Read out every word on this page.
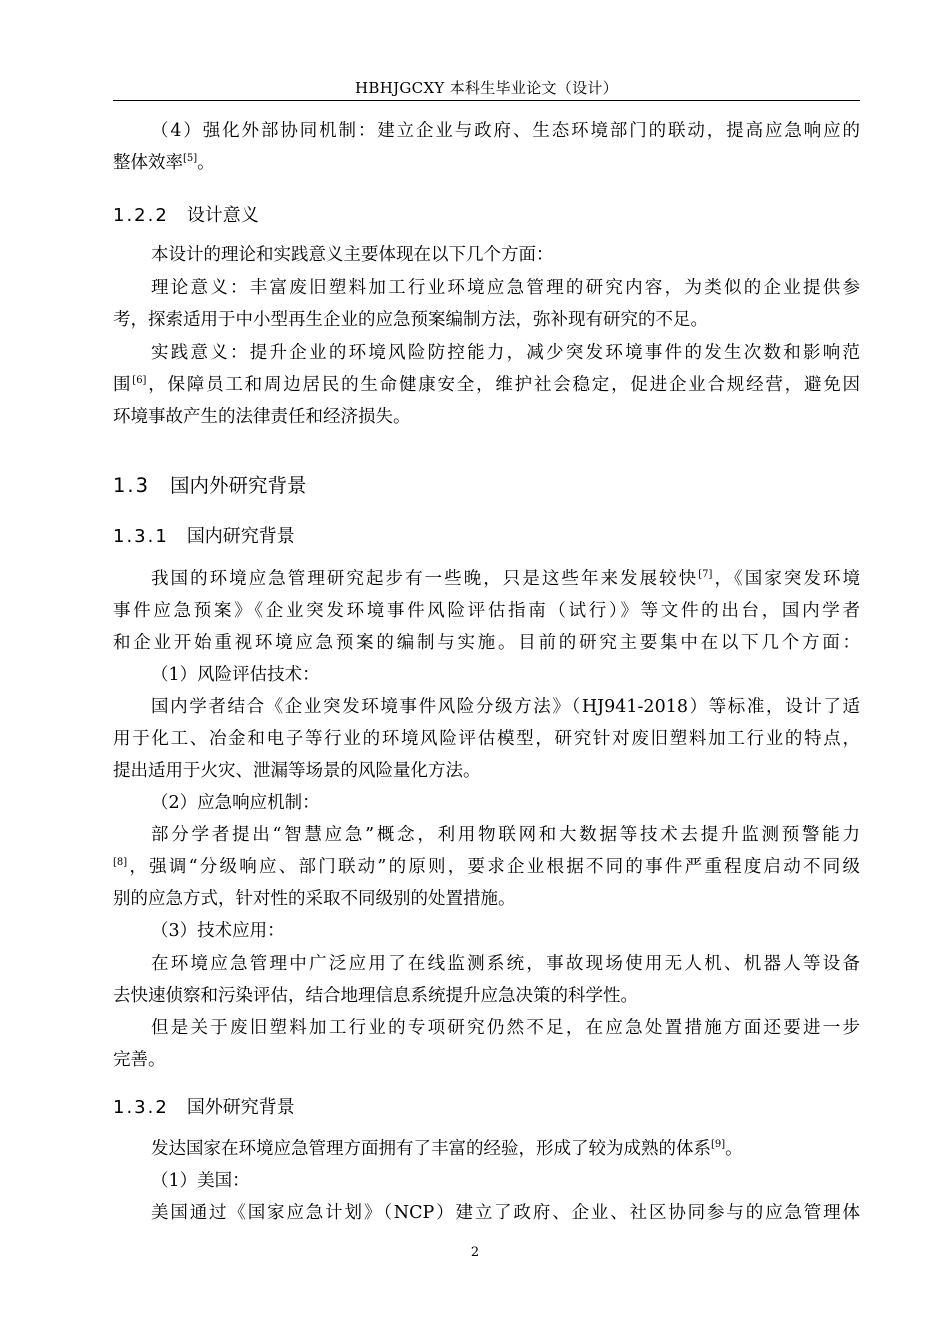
HBHJGCXY 本科生毕业论文（设计）
（4）强化外部协同机制：建立企业与政府、生态环境部门的联动，提高应急响应的
整体效率[5]。
1.2.2 设计意义
本设计的理论和实践意义主要体现在以下几个方面：
理论意义：丰富废旧塑料加工行业环境应急管理的研究内容，为类似的企业提供参
考，探索适用于中小型再生企业的应急预案编制方法，弥补现有研究的不足。
实践意义：提升企业的环境风险防控能力，减少突发环境事件的发生次数和影响范
围[6]，保障员工和周边居民的生命健康安全，维护社会稳定，促进企业合规经营，避免因
环境事故产生的法律责任和经济损失。
1.3 国内外研究背景
1.3.1 国内研究背景
我国的环境应急管理研究起步有一些晚，只是这些年来发展较快[7]，《国家突发环境
事件应急预案》《企业突发环境事件风险评估指南（试行）》等文件的出台，国内学者
和企业开始重视环境应急预案的编制与实施。目前的研究主要集中在以下几个方面：
（1）风险评估技术：
国内学者结合《企业突发环境事件风险分级方法》（HJ941-2018）等标准，设计了适
用于化工、冶金和电子等行业的环境风险评估模型，研究针对废旧塑料加工行业的特点，
提出适用于火灾、泄漏等场景的风险量化方法。
（2）应急响应机制：
部分学者提出“智慧应急”概念，利用物联网和大数据等技术去提升监测预警能力
[8]，强调“分级响应、部门联动”的原则，要求企业根据不同的事件严重程度启动不同级
别的应急方式，针对性的采取不同级别的处置措施。
（3）技术应用：
在环境应急管理中广泛应用了在线监测系统，事故现场使用无人机、机器人等设备
去快速侦察和污染评估，结合地理信息系统提升应急决策的科学性。
但是关于废旧塑料加工行业的专项研究仍然不足，在应急处置措施方面还要进一步
完善。
1.3.2 国外研究背景
发达国家在环境应急管理方面拥有了丰富的经验，形成了较为成熟的体系[9]。
（1）美国：
美国通过《国家应急计划》（NCP）建立了政府、企业、社区协同参与的应急管理体
2
